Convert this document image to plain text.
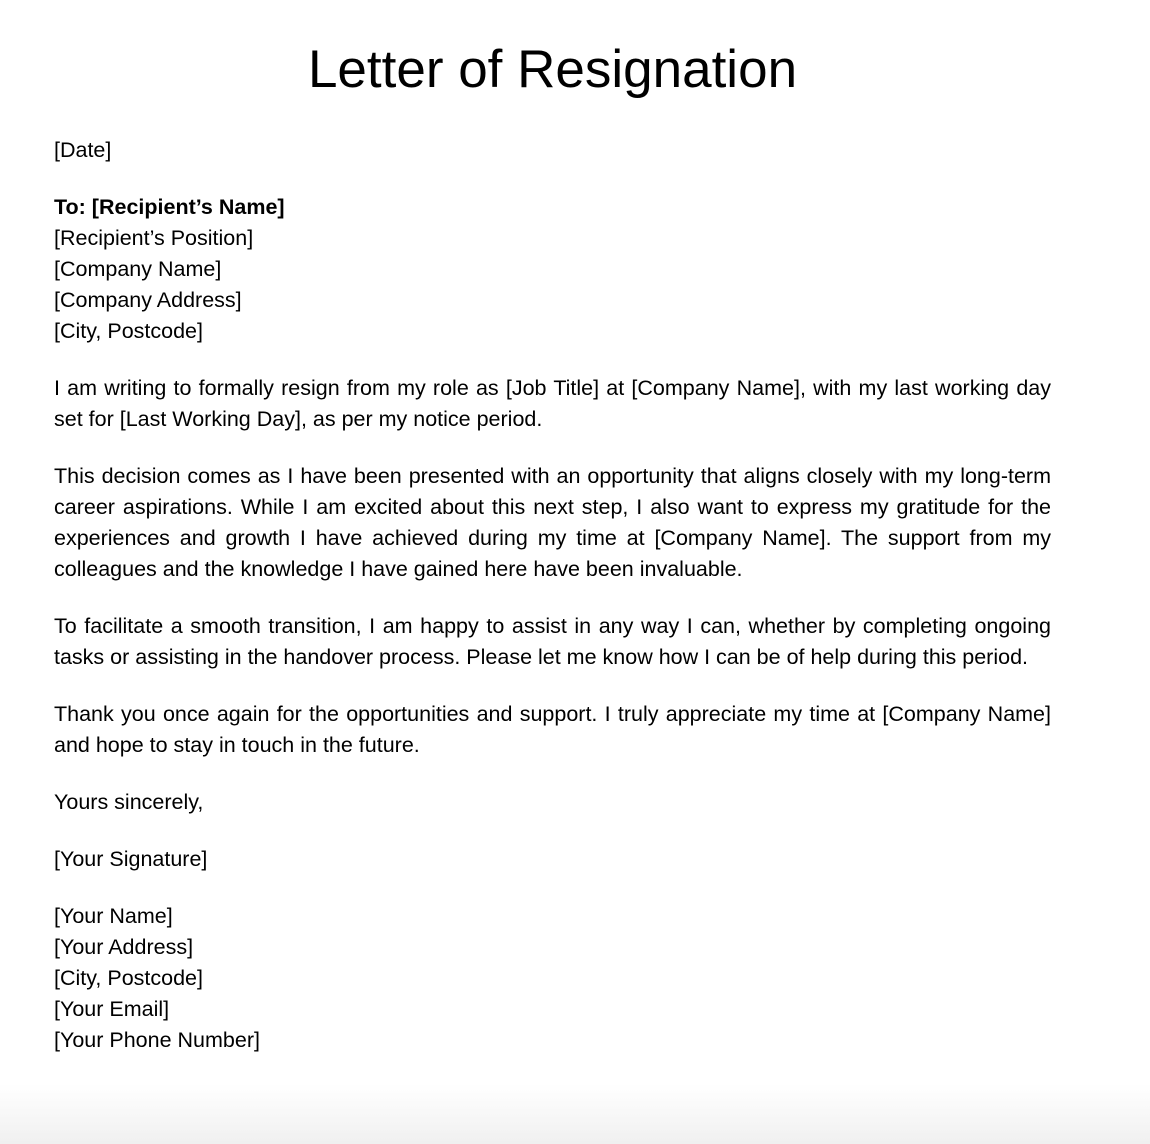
Letter of Resignation
[Date]
To: [Recipient’s Name]
[Recipient’s Position]
[Company Name]
[Company Address]
[City, Postcode]

I am writing to formally resign from my role as [Job Title] at [Company Name], with my last working day set for [Last Working Day], as per my notice period.

This decision comes as I have been presented with an opportunity that aligns closely with my long-term career aspirations. While I am excited about this next step, I also want to express my gratitude for the experiences and growth I have achieved during my time at [Company Name]. The support from my colleagues and the knowledge I have gained here have been invaluable.

To facilitate a smooth transition, I am happy to assist in any way I can, whether by completing ongoing tasks or assisting in the handover process. Please let me know how I can be of help during this period.

Thank you once again for the opportunities and support. I truly appreciate my time at [Company Name] and hope to stay in touch in the future.

Yours sincerely,
[Your Signature]
[Your Name]
[Your Address]
[City, Postcode]
[Your Email]
[Your Phone Number]
